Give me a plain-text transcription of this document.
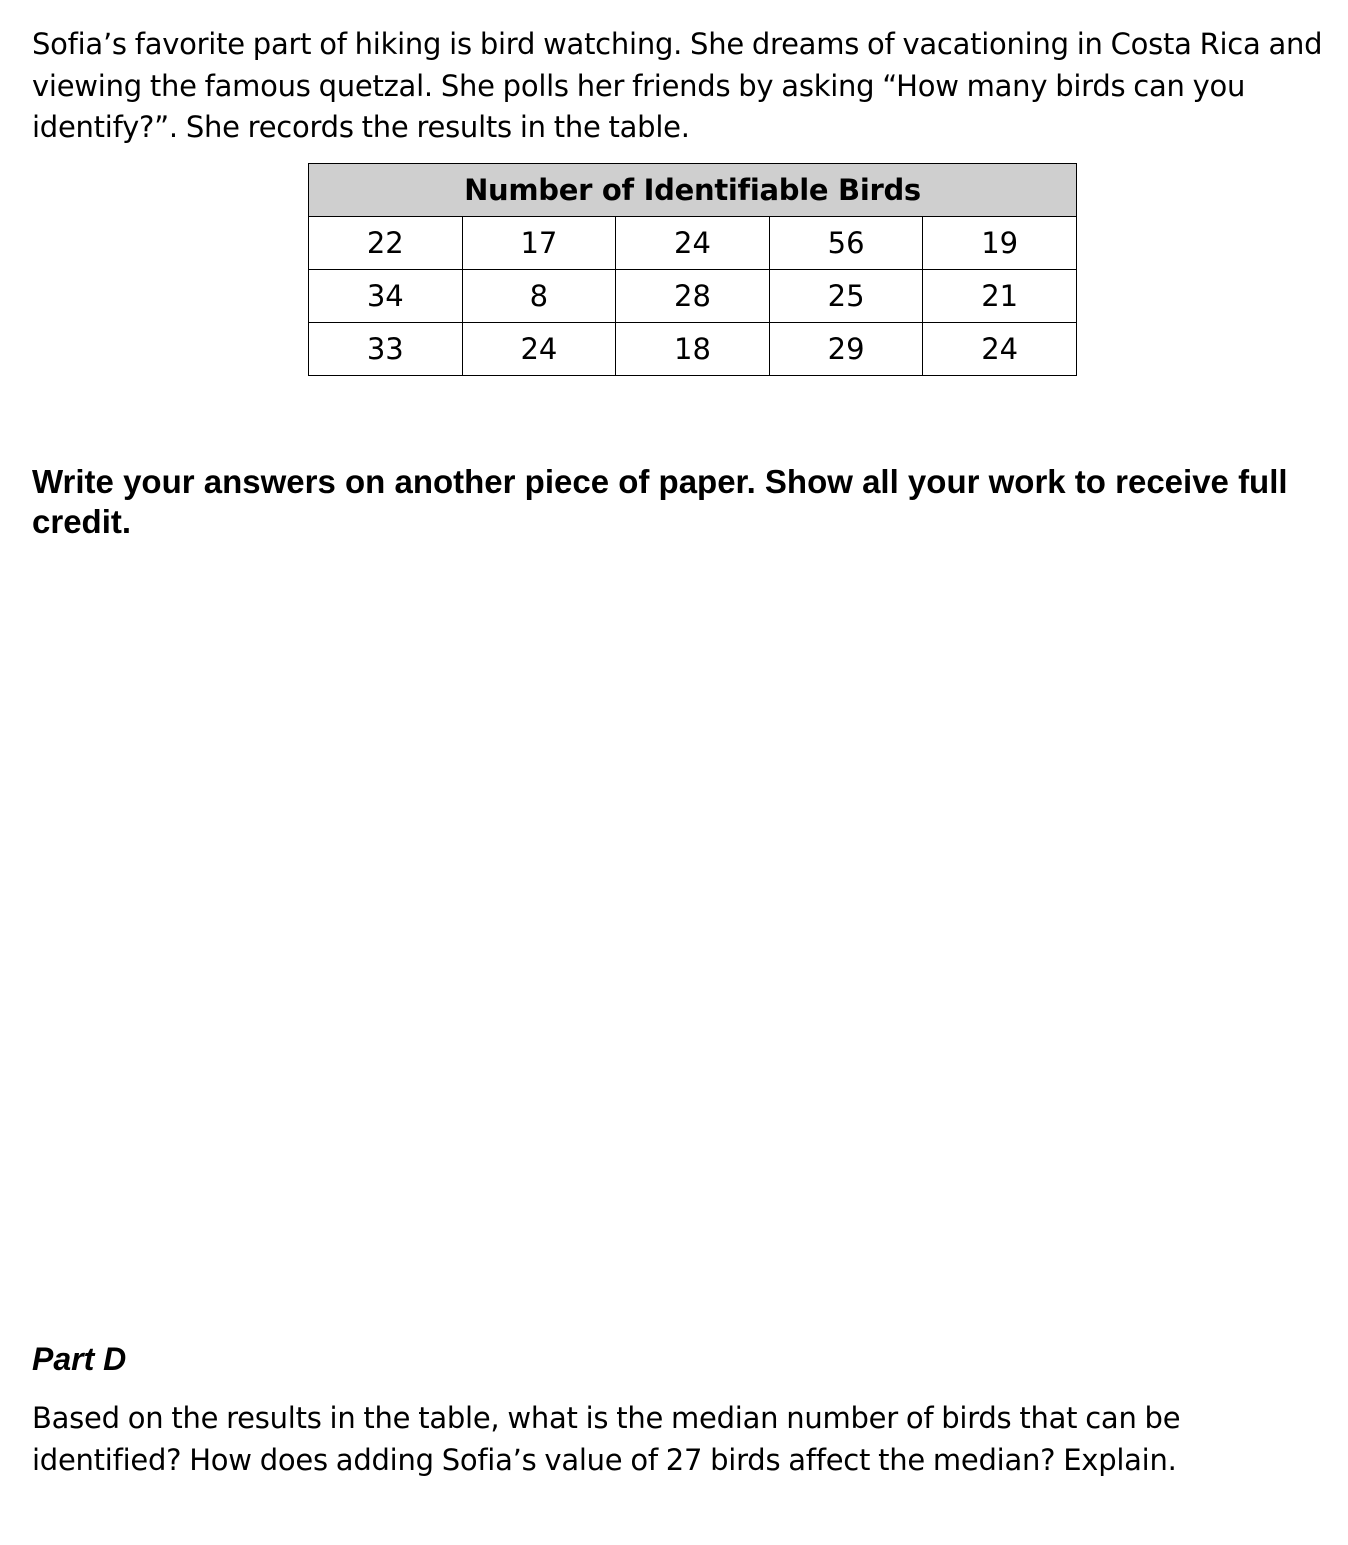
Sofia’s favorite part of hiking is bird watching. She dreams of vacationing in Costa Rica and viewing the famous quetzal. She polls her friends by asking “How many birds can you identify?”. She records the results in the table.

Number of Identifiable Birds				
22	17	24	56	19
34	8	28	25	21
33	24	18	29	24

Write your answers on another piece of paper. Show all your work to receive full credit.

Part D

Based on the results in the table, what is the median number of birds that can be identified? How does adding Sofia’s value of 27 birds affect the median? Explain.
